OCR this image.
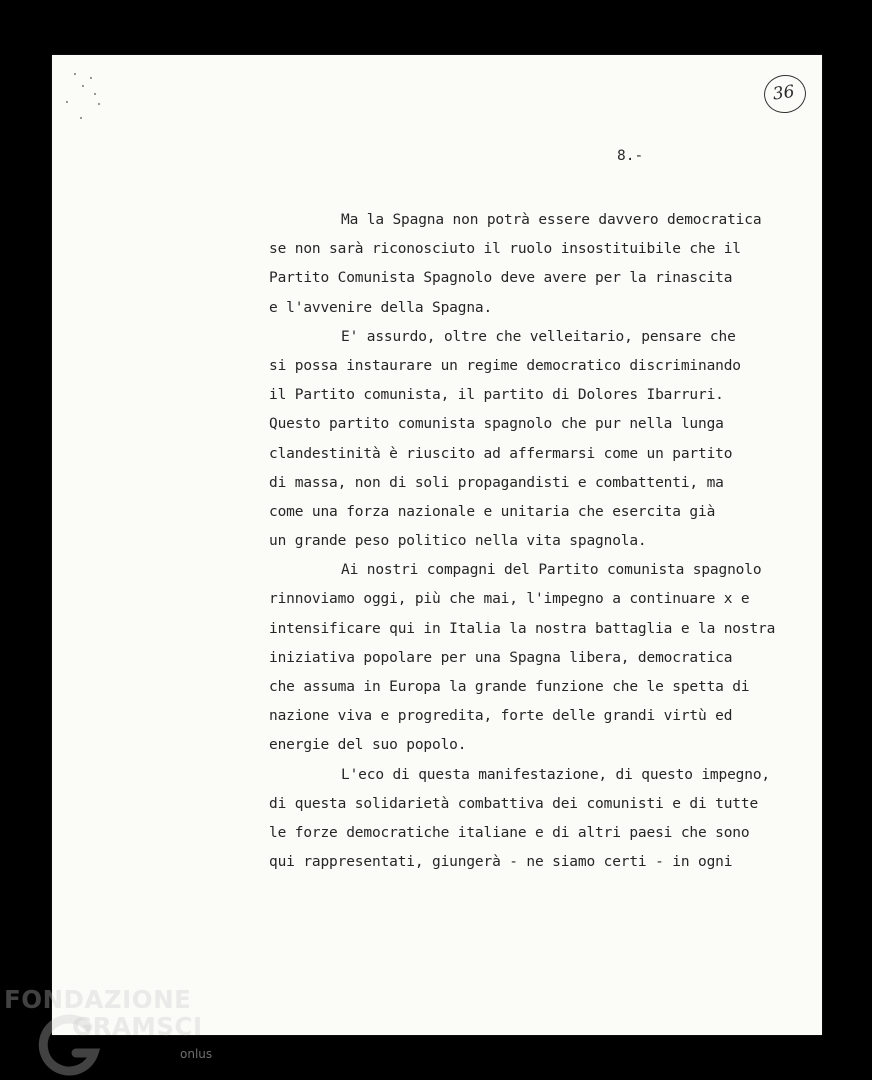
36
8.-
Ma la Spagna non potrà essere davvero democratica
se non sarà riconosciuto il ruolo insostituibile che il
Partito Comunista Spagnolo deve avere per la rinascita
e l'avvenire della Spagna.
E' assurdo, oltre che velleitario, pensare che
si possa instaurare un regime democratico discriminando
il Partito comunista, il partito di Dolores Ibarruri.
Questo partito comunista spagnolo che pur nella lunga
clandestinità è riuscito ad affermarsi come un partito
di massa, non di soli propagandisti e combattenti, ma
come una forza nazionale e unitaria che esercita già
un grande peso politico nella vita spagnola.
Ai nostri compagni del Partito comunista spagnolo
rinnoviamo oggi, più che mai, l'impegno a continuare x e
intensificare qui in Italia la nostra battaglia e la nostra
iniziativa popolare per una Spagna libera, democratica
che assuma in Europa la grande funzione che le spetta di
nazione viva e progredita, forte delle grandi virtù ed
energie del suo popolo.
L'eco di questa manifestazione, di questo impegno,
di questa solidarietà combattiva dei comunisti e di tutte
le forze democratiche italiane e di altri paesi che sono
qui rappresentati, giungerà - ne siamo certi - in ogni
FONDAZIONE
GRAMSCI
onlus
